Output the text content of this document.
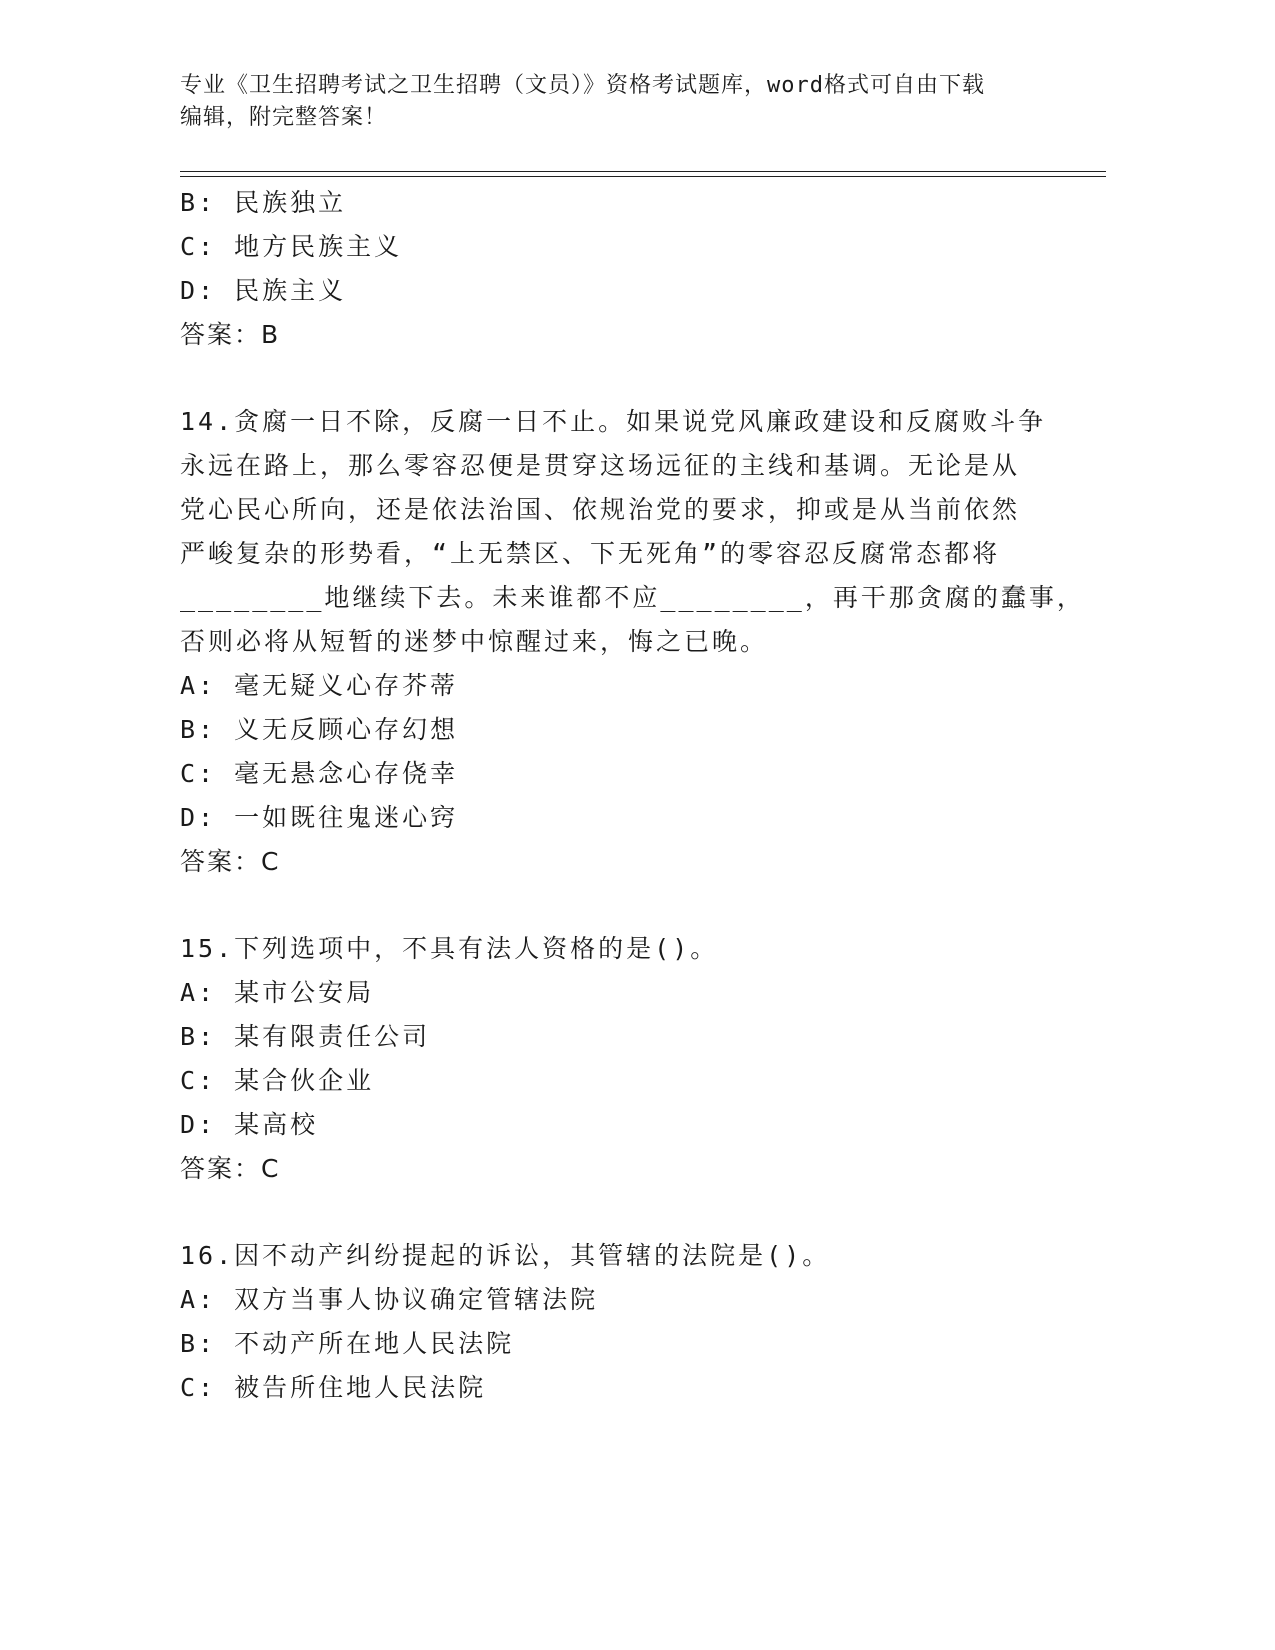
专业《卫生招聘考试之卫生招聘（文员）》资格考试题库，word格式可自由下载
编辑，附完整答案！
B: 民族独立
C: 地方民族主义
D: 民族主义
答案：B
14.贪腐一日不除，反腐一日不止。如果说党风廉政建设和反腐败斗争
永远在路上，那么零容忍便是贯穿这场远征的主线和基调。无论是从
党心民心所向，还是依法治国、依规治党的要求，抑或是从当前依然
严峻复杂的形势看，“上无禁区、下无死角”的零容忍反腐常态都将
________地继续下去。未来谁都不应________，再干那贪腐的蠢事，
否则必将从短暂的迷梦中惊醒过来，悔之已晚。
A: 毫无疑义心存芥蒂
B: 义无反顾心存幻想
C: 毫无悬念心存侥幸
D: 一如既往鬼迷心窍
答案：C
15.下列选项中，不具有法人资格的是()。
A: 某市公安局
B: 某有限责任公司
C: 某合伙企业
D: 某高校
答案：C
16.因不动产纠纷提起的诉讼，其管辖的法院是()。
A: 双方当事人协议确定管辖法院
B: 不动产所在地人民法院
C: 被告所住地人民法院
